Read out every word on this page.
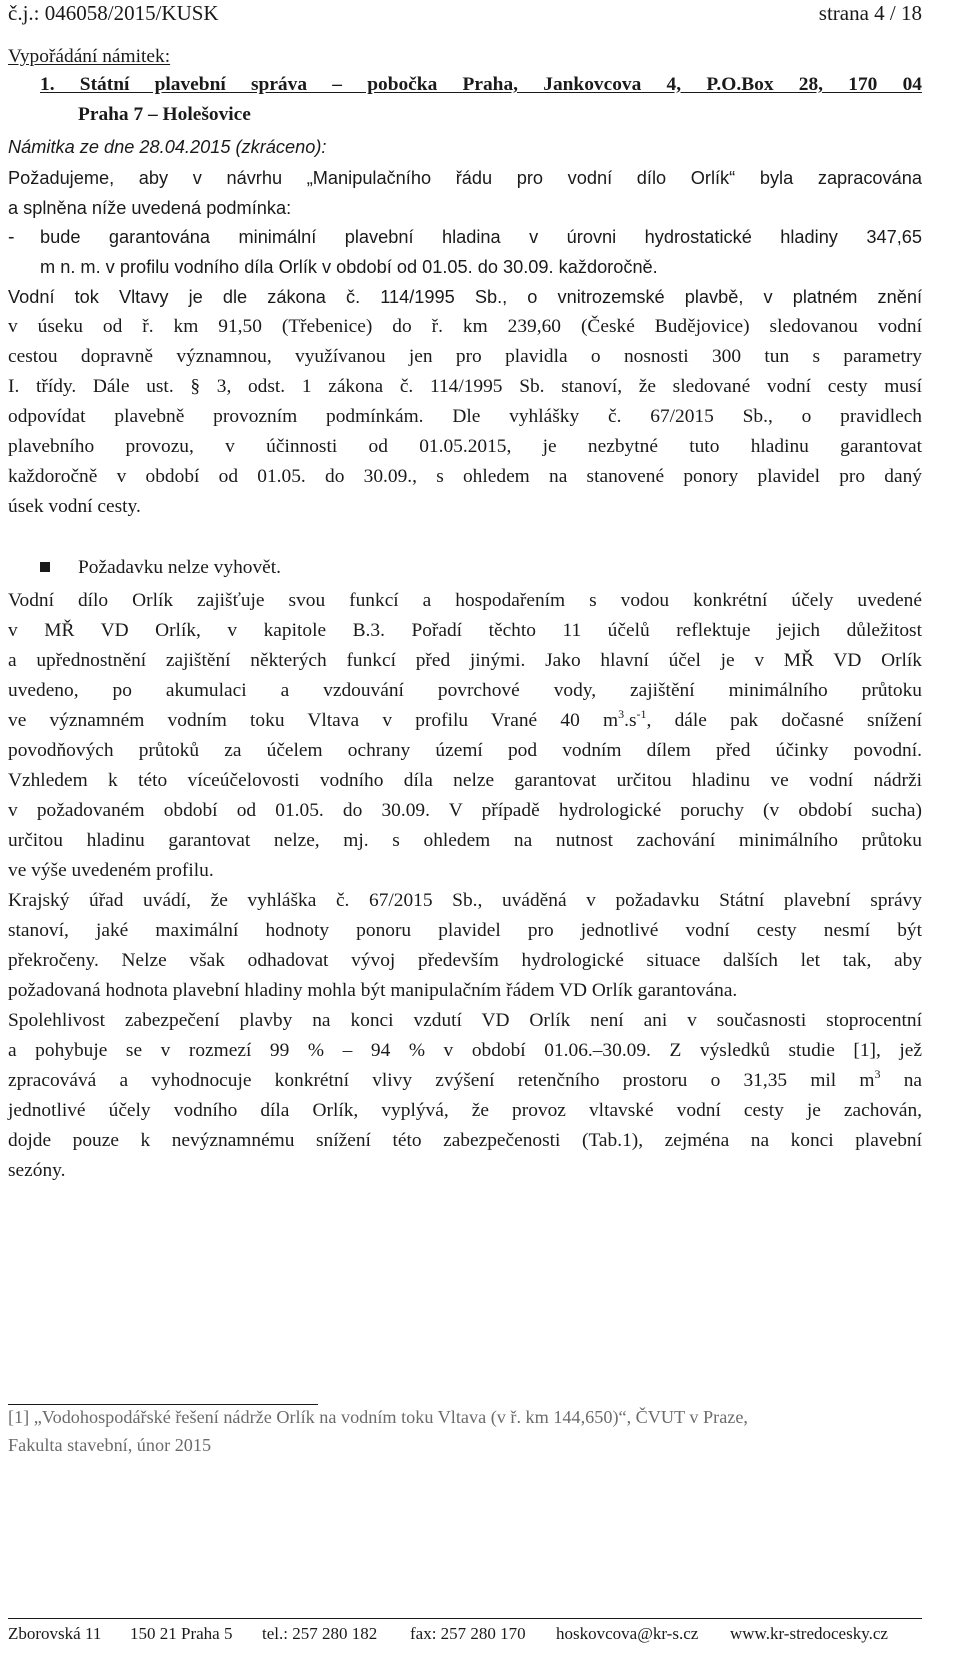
č.j.: 046058/2015/KUSK	strana 4 / 18
Vypořádání námitek:
1. Státní plavební správa – pobočka Praha, Jankovcova 4, P.O.Box 28, 170 04
Praha 7 – Holešovice
Námitka ze dne 28.04.2015 (zkráceno):
Požadujeme, aby v návrhu „Manipulačního řádu pro vodní dílo Orlík“ byla zapracována
a splněna níže uvedená podmínka:
- bude garantována minimální plavební hladina v úrovni hydrostatické hladiny 347,65
m n. m. v profilu vodního díla Orlík v období od 01.05. do 30.09. každoročně.
Vodní tok Vltavy je dle zákona č. 114/1995 Sb., o vnitrozemské plavbě, v platném znění
v úseku od ř. km 91,50 (Třebenice) do ř. km 239,60 (České Budějovice) sledovanou vodní
cestou dopravně významnou, využívanou jen pro plavidla o nosnosti 300 tun s parametry
I. třídy. Dále ust. § 3, odst. 1 zákona č. 114/1995 Sb. stanoví, že sledované vodní cesty musí
odpovídat plavebně provozním podmínkám. Dle vyhlášky č. 67/2015 Sb., o pravidlech
plavebního provozu, v účinnosti od 01.05.2015, je nezbytné tuto hladinu garantovat
každoročně v období od 01.05. do 30.09., s ohledem na stanovené ponory plavidel pro daný
úsek vodní cesty.
Požadavku nelze vyhovět.
Vodní dílo Orlík zajišťuje svou funkcí a hospodařením s vodou konkrétní účely uvedené
v MŘ VD Orlík, v kapitole B.3. Pořadí těchto 11 účelů reflektuje jejich důležitost
a upřednostnění zajištění některých funkcí před jinými. Jako hlavní účel je v MŘ VD Orlík
uvedeno, po akumulaci a vzdouvání povrchové vody, zajištění minimálního průtoku
ve významném vodním toku Vltava v profilu Vrané 40 $m^3.s^{-1}$, dále pak dočasné snížení
povodňových průtoků za účelem ochrany území pod vodním dílem před účinky povodní.
Vzhledem k této víceúčelovosti vodního díla nelze garantovat určitou hladinu ve vodní nádrži
v požadovaném období od 01.05. do 30.09. V případě hydrologické poruchy (v období sucha)
určitou hladinu garantovat nelze, mj. s ohledem na nutnost zachování minimálního průtoku
ve výše uvedeném profilu.
Krajský úřad uvádí, že vyhláška č. 67/2015 Sb., uváděná v požadavku Státní plavební správy
stanoví, jaké maximální hodnoty ponoru plavidel pro jednotlivé vodní cesty nesmí být
překročeny. Nelze však odhadovat vývoj především hydrologické situace dalších let tak, aby
požadovaná hodnota plavební hladiny mohla být manipulačním řádem VD Orlík garantována.
Spolehlivost zabezpečení plavby na konci vzdutí VD Orlík není ani v současnosti stoprocentní
a pohybuje se v rozmezí 99 % – 94 % v období 01.06.–30.09. Z výsledků studie [1], jež
zpracovává a vyhodnocuje konkrétní vlivy zvýšení retenčního prostoru o 31,35 mil $m^3$ na
jednotlivé účely vodního díla Orlík, vyplývá, že provoz vltavské vodní cesty je zachován,
dojde pouze k nevýznamnému snížení této zabezpečenosti (Tab.1), zejména na konci plavební
sezóny.
[1] „Vodohospodářské řešení nádrže Orlík na vodním toku Vltava (v ř. km 144,650)“, ČVUT v Praze,
Fakulta stavební, únor 2015
Zborovská 11 150 21 Praha 5 tel.: 257 280 182 fax: 257 280 170 hoskovcova@kr-s.cz www.kr-stredocesky.cz
